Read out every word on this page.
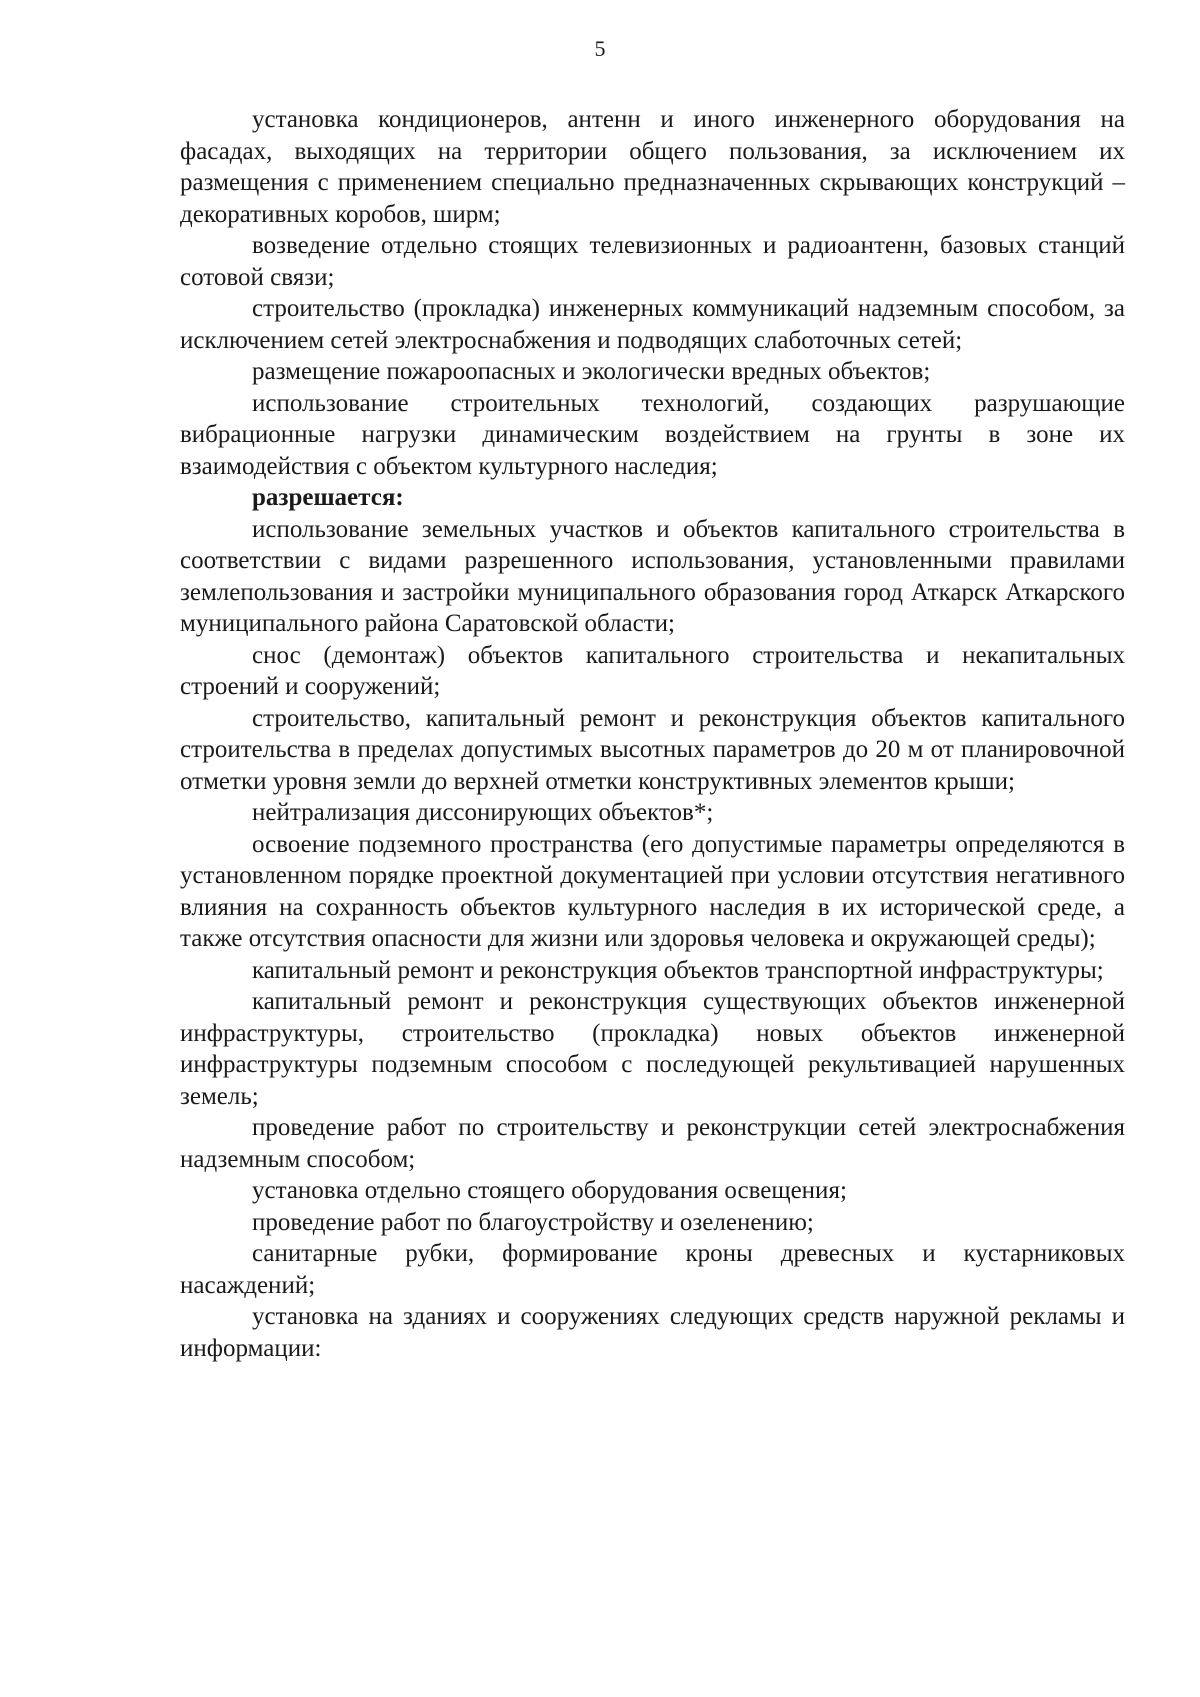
5

установка кондиционеров, антенн и иного инженерного оборудования на фасадах, выходящих на территории общего пользования, за исключением их размещения с применением специально предназначенных скрывающих конструкций – декоративных коробов, ширм;

возведение отдельно стоящих телевизионных и радиоантенн, базовых станций сотовой связи;

строительство (прокладка) инженерных коммуникаций надземным способом, за исключением сетей электроснабжения и подводящих слаботочных сетей;

размещение пожароопасных и экологически вредных объектов;

использование строительных технологий, создающих разрушающие вибрационные нагрузки динамическим воздействием на грунты в зоне их взаимодействия с объектом культурного наследия;

разрешается:

использование земельных участков и объектов капитального строительства в соответствии с видами разрешенного использования, установленными правилами землепользования и застройки муниципального образования город Аткарск Аткарского муниципального района Саратовской области;

снос (демонтаж) объектов капитального строительства и некапитальных строений и сооружений;

строительство, капитальный ремонт и реконструкция объектов капитального строительства в пределах допустимых высотных параметров до 20 м от планировочной отметки уровня земли до верхней отметки конструктивных элементов крыши;

нейтрализация диссонирующих объектов*;

освоение подземного пространства (его допустимые параметры определяются в установленном порядке проектной документацией при условии отсутствия негативного влияния на сохранность объектов культурного наследия в их исторической среде, а также отсутствия опасности для жизни или здоровья человека и окружающей среды);

капитальный ремонт и реконструкция объектов транспортной инфраструктуры;

капитальный ремонт и реконструкция существующих объектов инженерной инфраструктуры, строительство (прокладка) новых объектов инженерной инфраструктуры подземным способом с последующей рекультивацией нарушенных земель;

проведение работ по строительству и реконструкции сетей электроснабжения надземным способом;

установка отдельно стоящего оборудования освещения;

проведение работ по благоустройству и озеленению;

санитарные рубки, формирование кроны древесных и кустарниковых насаждений;

установка на зданиях и сооружениях следующих средств наружной рекламы и информации:
